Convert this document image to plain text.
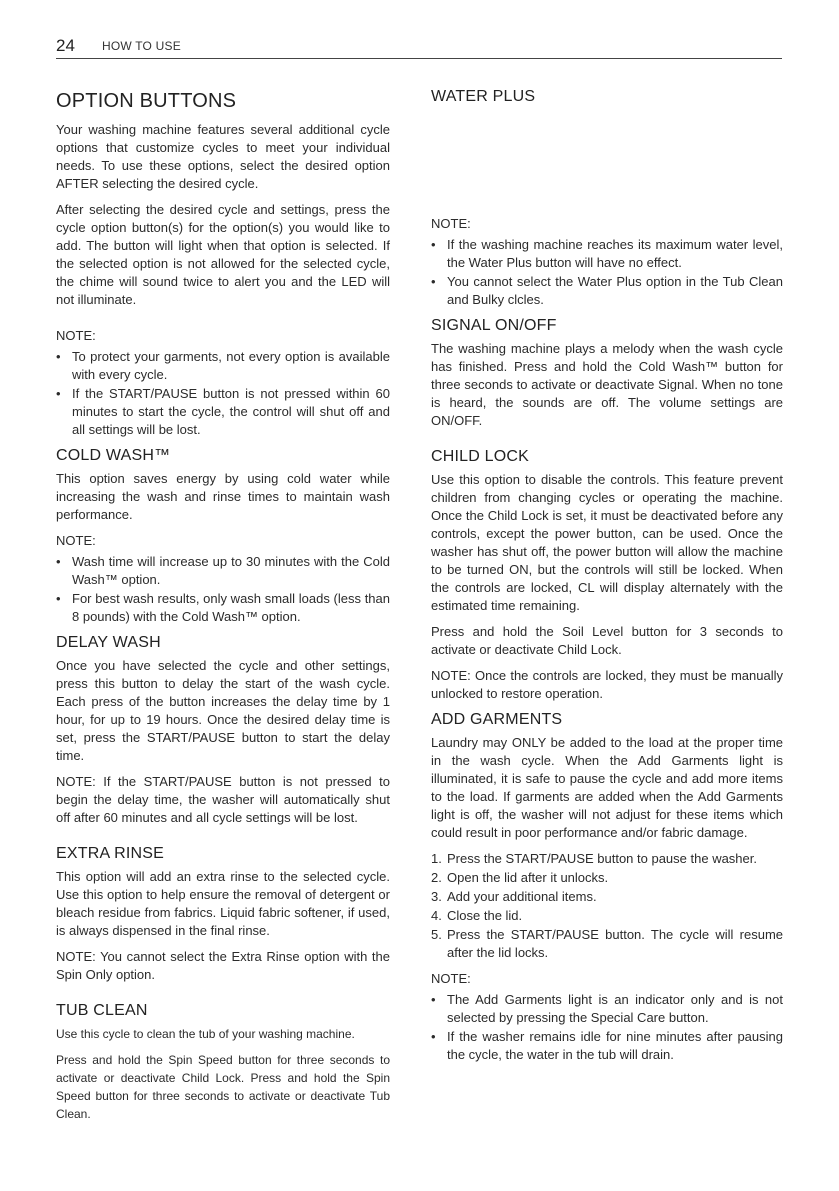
24 HOW TO USE
OPTION BUTTONS

Your washing machine features several additional cycle options that customize cycles to meet your individual needs. To use these options, select the desired option AFTER selecting the desired cycle.

After selecting the desired cycle and settings, press the cycle option button(s) for the option(s) you would like to add. The button will light when that option is selected. If the selected option is not allowed for the selected cycle, the chime will sound twice to alert you and the LED will not illuminate.

NOTE:
• To protect your garments, not every option is available with every cycle.
• If the START/PAUSE button is not pressed within 60 minutes to start the cycle, the control will shut off and all settings will be lost.
COLD WASH™

This option saves energy by using cold water while increasing the wash and rinse times to maintain wash performance.

NOTE:
• Wash time will increase up to 30 minutes with the Cold Wash™ option.
• For best wash results, only wash small loads (less than 8 pounds) with the Cold Wash™ option.
DELAY WASH

Once you have selected the cycle and other settings, press this button to delay the start of the wash cycle. Each press of the button increases the delay time by 1 hour, for up to 19 hours. Once the desired delay time is set, press the START/PAUSE button to start the delay time.

NOTE: If the START/PAUSE button is not pressed to begin the delay time, the washer will automatically shut off after 60 minutes and all cycle settings will be lost.

EXTRA RINSE

This option will add an extra rinse to the selected cycle. Use this option to help ensure the removal of detergent or bleach residue from fabrics. Liquid fabric softener, if used, is always dispensed in the final rinse.

NOTE: You cannot select the Extra Rinse option with the Spin Only option.

TUB CLEAN

Use this cycle to clean the tub of your washing machine.

Press and hold the Spin Speed button for three seconds to activate or deactivate Child Lock. Press and hold the Spin Speed button for three seconds to activate or deactivate Tub Clean.

WATER PLUS
NOTE:
• If the washing machine reaches its maximum water level, the Water Plus button will have no effect.
• You cannot select the Water Plus option in the Tub Clean and Bulky clcles.
SIGNAL ON/OFF

The washing machine plays a melody when the wash cycle has finished. Press and hold the Cold Wash™ button for three seconds to activate or deactivate Signal. When no tone is heard, the sounds are off. The volume settings are ON/OFF.

CHILD LOCK

Use this option to disable the controls. This feature prevent children from changing cycles or operating the machine. Once the Child Lock is set, it must be deactivated before any controls, except the power button, can be used. Once the washer has shut off, the power button will allow the machine to be turned ON, but the controls will still be locked. When the controls are locked, CL will display alternately with the estimated time remaining.

Press and hold the Soil Level button for 3 seconds to activate or deactivate Child Lock.

NOTE: Once the controls are locked, they must be manually unlocked to restore operation.

ADD GARMENTS

Laundry may ONLY be added to the load at the proper time in the wash cycle. When the Add Garments light is illuminated, it is safe to pause the cycle and add more items to the load. If garments are added when the Add Garments light is off, the washer will not adjust for these items which could result in poor performance and/or fabric damage.

1. Press the START/PAUSE button to pause the washer.
2. Open the lid after it unlocks.
3. Add your additional items.
4. Close the lid.
5. Press the START/PAUSE button. The cycle will resume after the lid locks.
NOTE:
• The Add Garments light is an indicator only and is not selected by pressing the Special Care button.
• If the washer remains idle for nine minutes after pausing the cycle, the water in the tub will drain.
